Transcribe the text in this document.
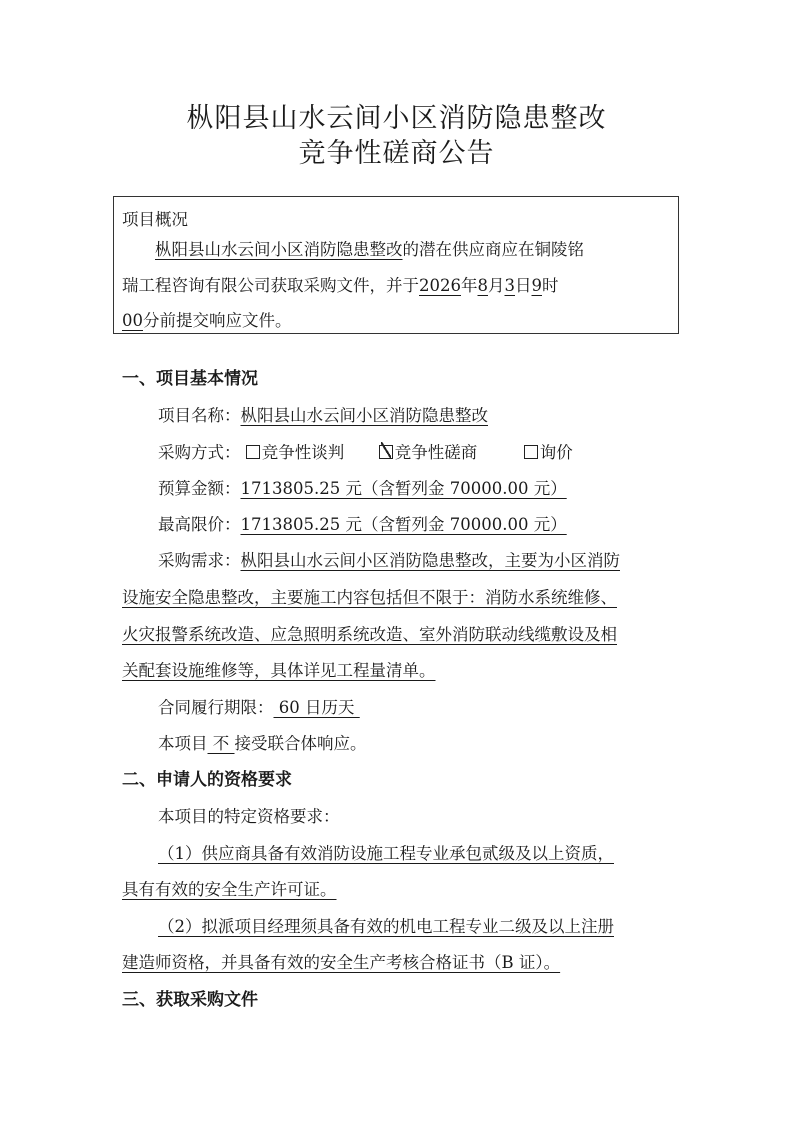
枞阳县山水云间小区消防隐患整改
竞争性磋商公告
项目概况
枞阳县山水云间小区消防隐患整改的潜在供应商应在铜陵铭
瑞工程咨询有限公司获取采购文件，并于2026年8月3日9时
00分前提交响应文件。
一、项目基本情况
项目名称：枞阳县山水云间小区消防隐患整改
采购方式： 竞争性谈判	竞争性磋商	询价
预算金额：1713805.25 元（含暂列金 70000.00 元）
最高限价：1713805.25 元（含暂列金 70000.00 元）
采购需求：枞阳县山水云间小区消防隐患整改，主要为小区消防
设施安全隐患整改，主要施工内容包括但不限于：消防水系统维修、
火灾报警系统改造、应急照明系统改造、室外消防联动线缆敷设及相
关配套设施维修等，具体详见工程量清单。
合同履行期限： 60 日历天
本项目 不 接受联合体响应。
二、申请人的资格要求
本项目的特定资格要求：
（1）供应商具备有效消防设施工程专业承包贰级及以上资质，
具有有效的安全生产许可证。
（2）拟派项目经理须具备有效的机电工程专业二级及以上注册
建造师资格，并具备有效的安全生产考核合格证书（B 证）。
三、获取采购文件
